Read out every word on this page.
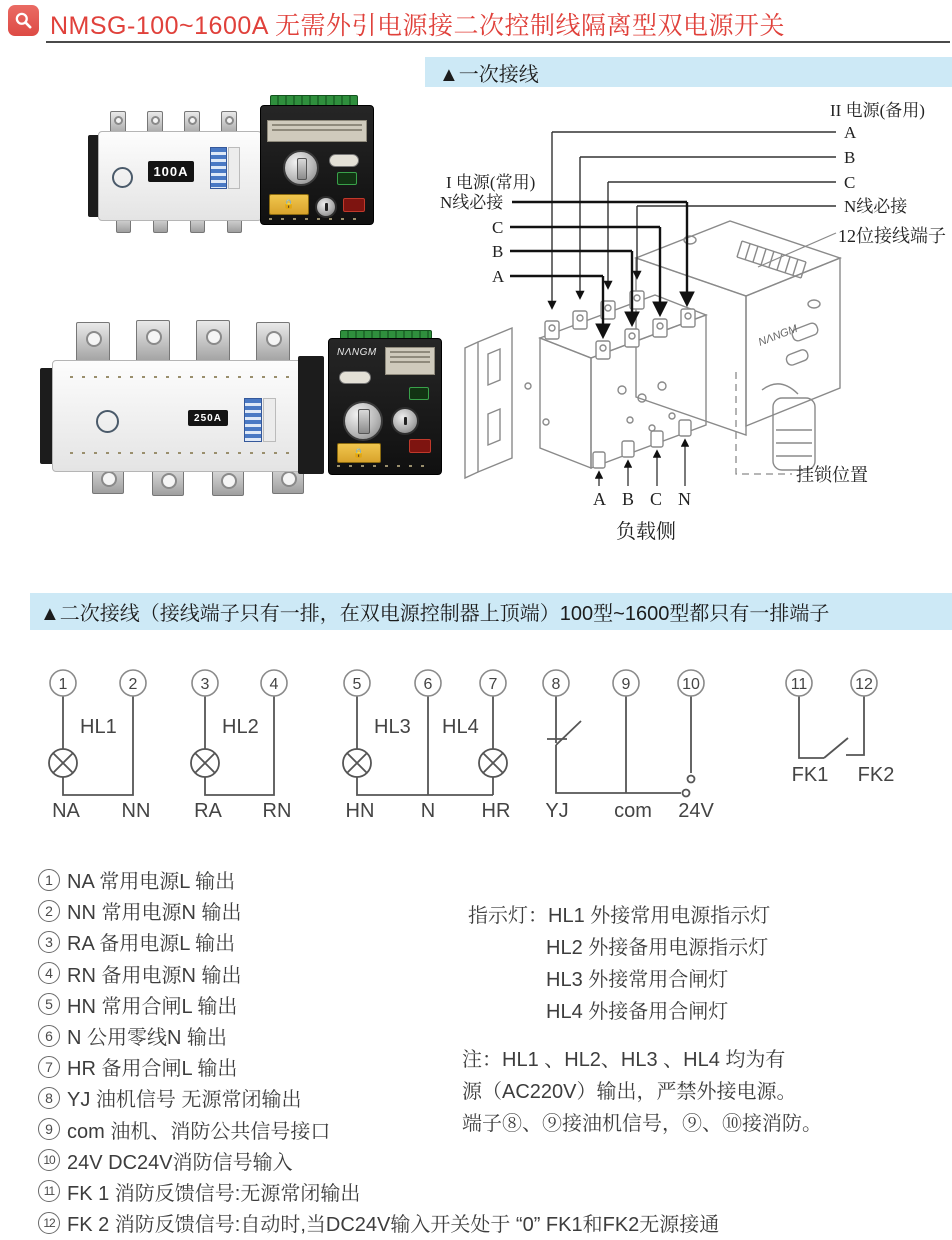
NMSG-100~1600A 无需外引电源接二次控制线隔离型双电源开关
▲一次接线
100A
🔒
250A
NΛNGM
🔒
II 电源(备用)
A
B
C
N线必接
12位接线端子
I 电源(常用)
N线必接
C
B
A
A B C N
负载侧
挂锁位置
NΛNGM
▲二次接线（接线端子只有一排，在双电源控制器上顶端）100型~1600型都只有一排端子
1	2	3	4	5	6	7	8	9	10	11	12
HL1	HL2	HL3 HL4
NA NN RA RN	HN N HR YJ com 24V
FK1 FK2
1 NA 常用电源L 输出
2 NN 常用电源N 输出
3 RA 备用电源L 输出
4 RN 备用电源N 输出
5 HN 常用合闸L 输出
6 N 公用零线N 输出
7 HR 备用合闸L 输出
8 YJ 油机信号 无源常闭输出
9 com 油机、消防公共信号接口
10 24V DC24V消防信号输入
11 FK 1 消防反馈信号:无源常闭输出
12 FK 2 消防反馈信号:自动时,当DC24V输入开关处于 “0” FK1和FK2无源接通
指示灯：HL1 外接常用电源指示灯
HL2 外接备用电源指示灯
HL3 外接常用合闸灯
HL4 外接备用合闸灯
注：HL1 、HL2、HL3 、HL4 均为有
源（AC220V）输出，严禁外接电源。
端子⑧、⑨接油机信号，⑨、⑩接消防。
